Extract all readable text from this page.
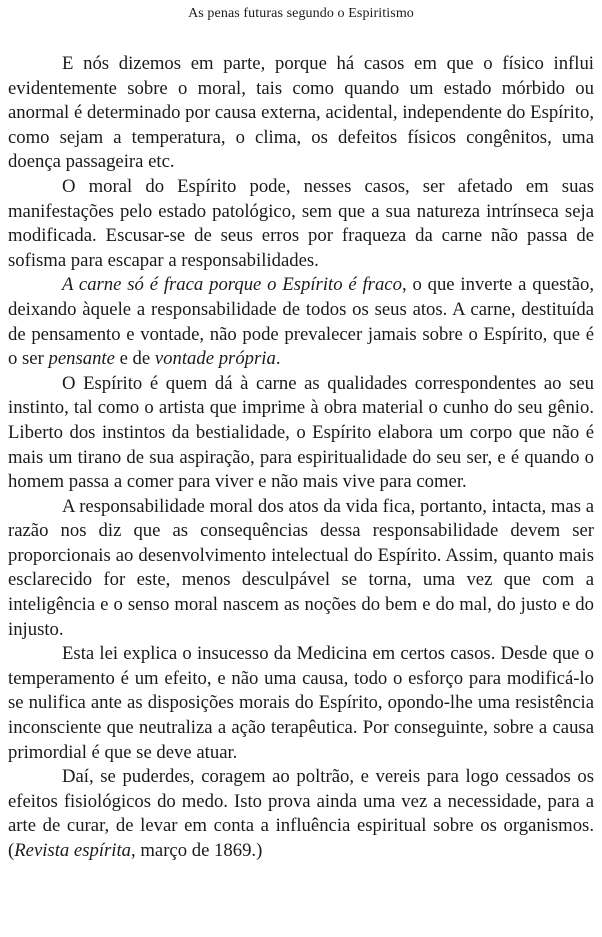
As penas futuras segundo o Espiritismo

E nós dizemos em parte, porque há casos em que o físico influi evidentemente sobre o moral, tais como quando um estado mórbido ou anormal é determinado por causa externa, acidental, independente do Espírito, como sejam a temperatura, o clima, os defeitos físicos congênitos, uma doença passageira etc.

O moral do Espírito pode, nesses casos, ser afetado em suas manifestações pelo estado patológico, sem que a sua natureza intrínseca seja modificada. Escusar-se de seus erros por fraqueza da carne não passa de sofisma para escapar a responsabilidades.

A carne só é fraca porque o Espírito é fraco, o que inverte a questão, deixando àquele a responsabilidade de todos os seus atos. A carne, destituída de pensamento e vontade, não pode prevalecer jamais sobre o Espírito, que é o ser pensante e de vontade própria.

O Espírito é quem dá à carne as qualidades correspondentes ao seu instinto, tal como o artista que imprime à obra material o cunho do seu gênio. Liberto dos instintos da bestialidade, o Espírito elabora um corpo que não é mais um tirano de sua aspiração, para espiritualidade do seu ser, e é quando o homem passa a comer para viver e não mais vive para comer.

A responsabilidade moral dos atos da vida fica, portanto, intacta, mas a razão nos diz que as consequências dessa responsabilidade devem ser proporcionais ao desenvolvimento intelectual do Espírito. Assim, quanto mais esclarecido for este, menos desculpável se torna, uma vez que com a inteligência e o senso moral nascem as noções do bem e do mal, do justo e do injusto.

Esta lei explica o insucesso da Medicina em certos casos. Desde que o temperamento é um efeito, e não uma causa, todo o esforço para modificá-lo se nulifica ante as disposições morais do Espírito, opondo-lhe uma resistência inconsciente que neutraliza a ação terapêutica. Por conseguinte, sobre a causa primordial é que se deve atuar.

Daí, se puderdes, coragem ao poltrão, e vereis para logo cessados os efeitos fisiológicos do medo. Isto prova ainda uma vez a necessidade, para a arte de curar, de levar em conta a influência espiritual sobre os organismos.(Revista espírita, março de 1869.)
